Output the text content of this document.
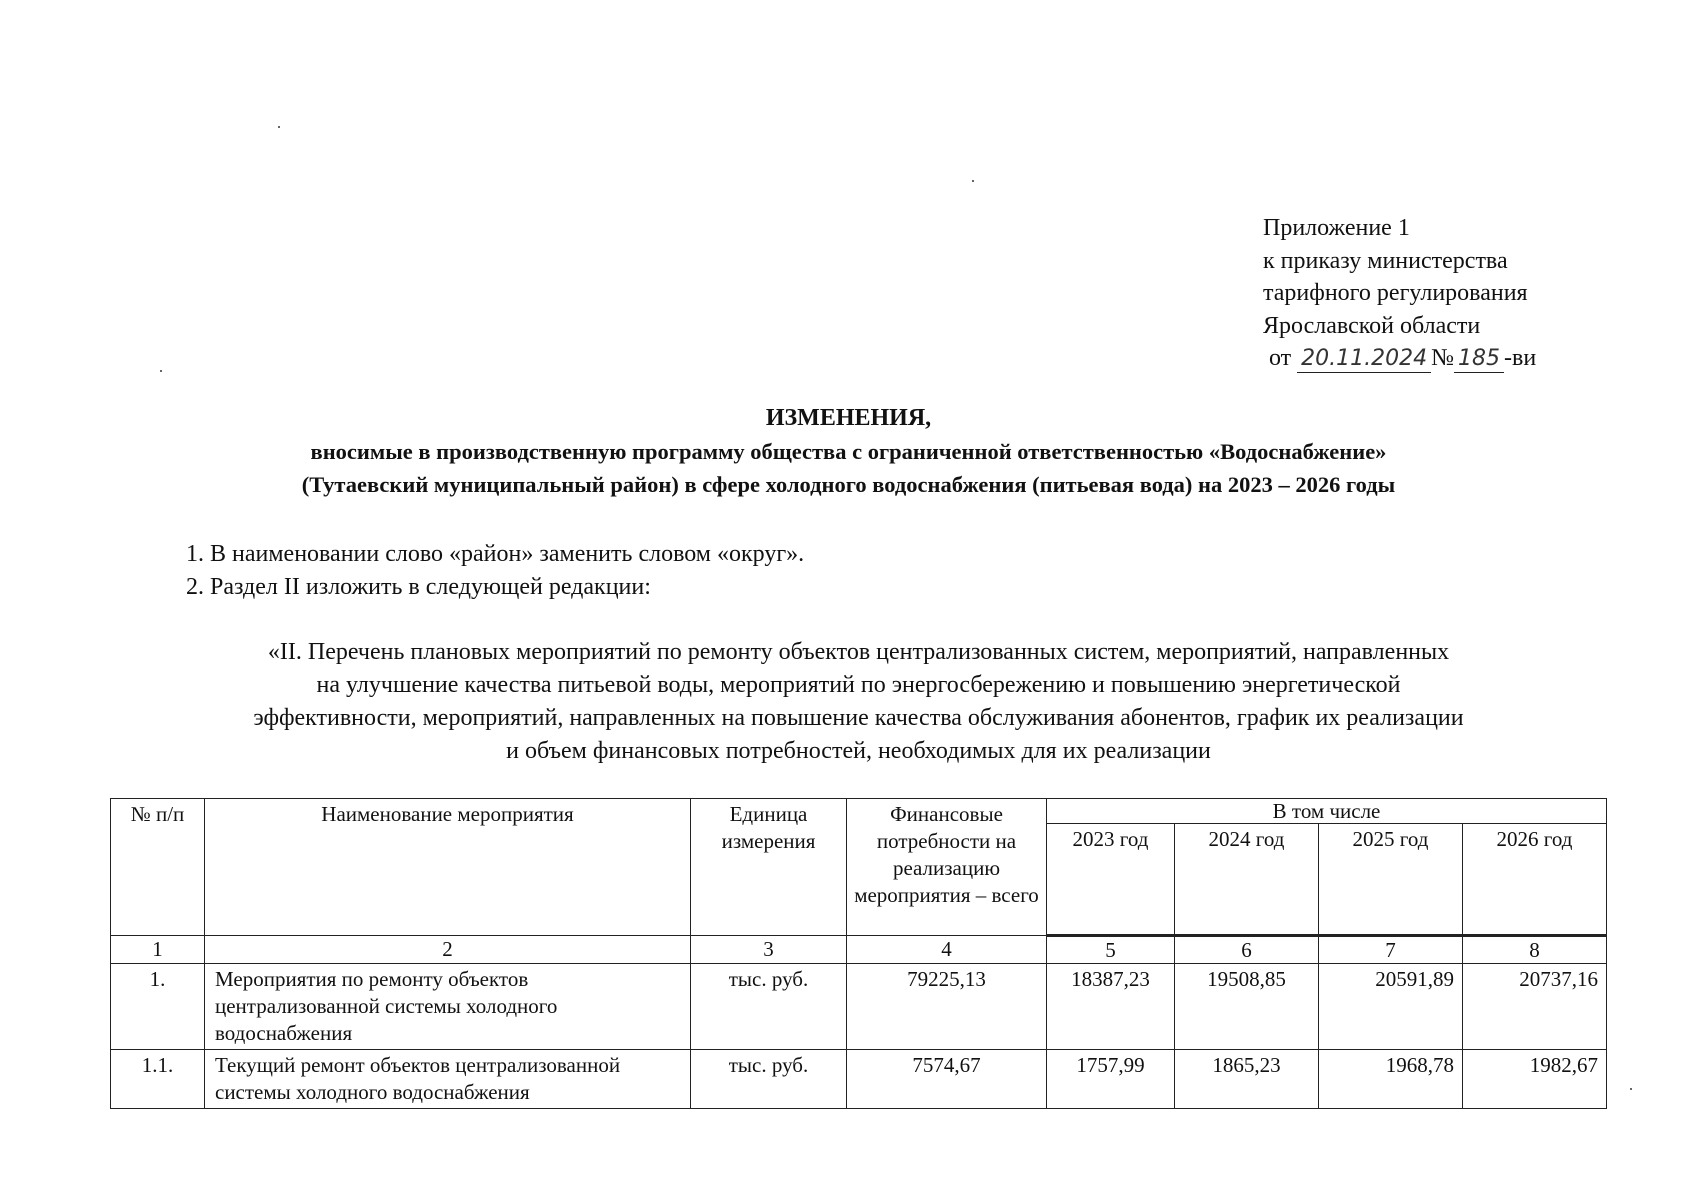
Приложение 1
к приказу министерства
тарифного регулирования
Ярославской области
от 20.11.2024 № 185 -ви
ИЗМЕНЕНИЯ,
вносимые в производственную программу общества с ограниченной ответственностью «Водоснабжение»
(Тутаевский муниципальный район) в сфере холодного водоснабжения (питьевая вода) на 2023 – 2026 годы
1. В наименовании слово «район» заменить словом «округ».
2. Раздел II изложить в следующей редакции:
«II. Перечень плановых мероприятий по ремонту объектов централизованных систем, мероприятий, направленных
на улучшение качества питьевой воды, мероприятий по энергосбережению и повышению энергетической
эффективности, мероприятий, направленных на повышение качества обслуживания абонентов, график их реализации
и объем финансовых потребностей, необходимых для их реализации
№ п/п	Наименование мероприятия	Единица измерения	Финансовые потребности на реализацию мероприятия – всего	В том числе			
				2023 год	2024 год	2025 год	2026 год
1	2	3	4	5	6	7	8
1.	Мероприятия по ремонту объектов централизованной системы холодного водоснабжения	тыс. руб.	79225,13	18387,23	19508,85	20591,89	20737,16
1.1.	Текущий ремонт объектов централизованной системы холодного водоснабжения	тыс. руб.	7574,67	1757,99	1865,23	1968,78	1982,67
